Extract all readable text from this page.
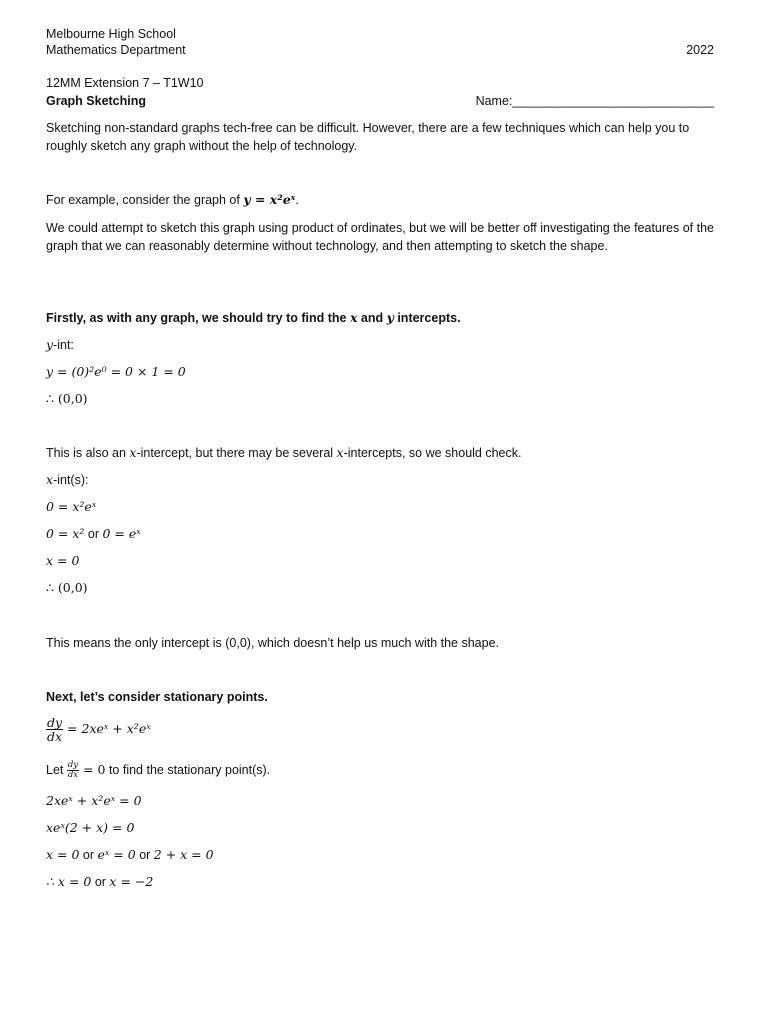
Melbourne High School
Mathematics Department	2022
12MM Extension 7 – T1W10
Graph Sketching	Name:_____________________________
Sketching non-standard graphs tech-free can be difficult. However, there are a few techniques which can help you to roughly sketch any graph without the help of technology.
For example, consider the graph of y = x²eˣ.
We could attempt to sketch this graph using product of ordinates, but we will be better off investigating the features of the graph that we can reasonably determine without technology, and then attempting to sketch the shape.
Firstly, as with any graph, we should try to find the x and y intercepts.
y-int:
y = (0)²e⁰ = 0 × 1 = 0
∴ (0,0)
This is also an x-intercept, but there may be several x-intercepts, so we should check.
x-int(s):
0 = x²eˣ
0 = x² or 0 = eˣ
x = 0
∴ (0,0)
This means the only intercept is (0,0), which doesn’t help us much with the shape.
Next, let’s consider stationary points.
$\frac{dy}{dx}$ = 2xeˣ + x²eˣ
Let $\frac{dy}{dx} = 0$ to find the stationary point(s).
2xeˣ + x²eˣ = 0
xeˣ(2 + x) = 0
x = 0 or eˣ = 0 or 2 + x = 0
∴ x = 0 or x = −2
